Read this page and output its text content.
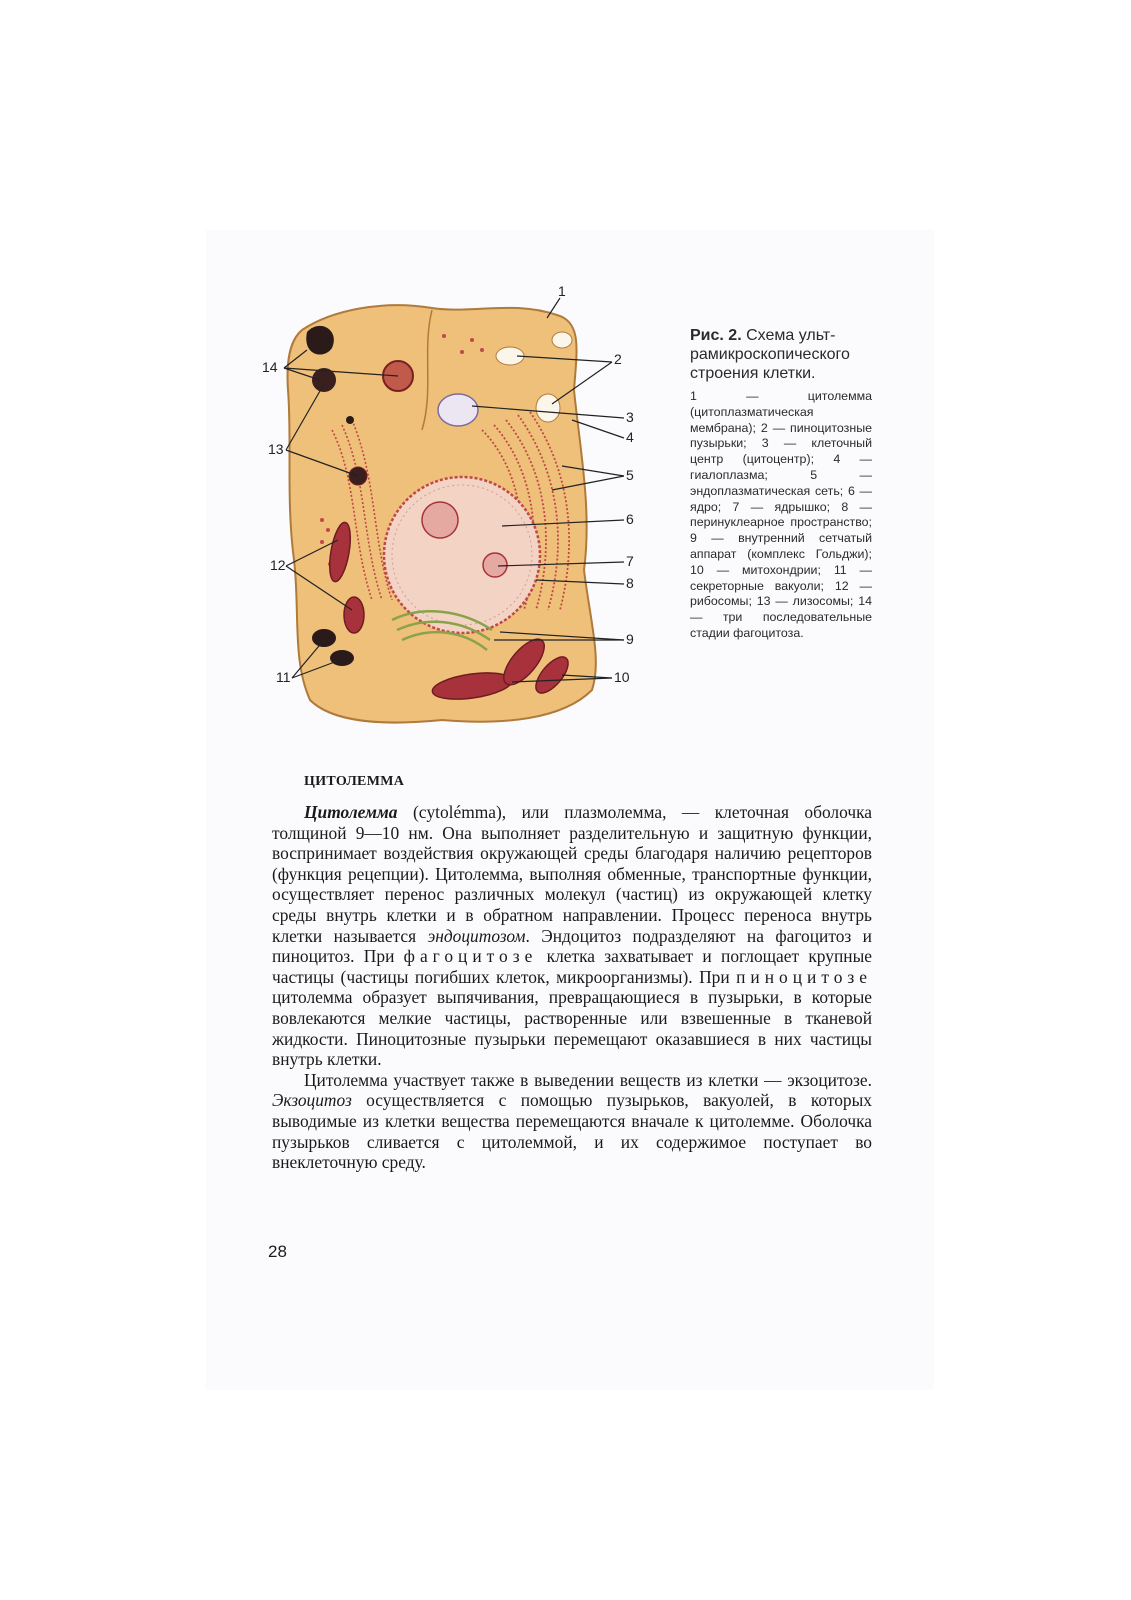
1
2
3
4
5
6
7
8
9
10
11
12
13
14

Рис. 2. Схема ульт-рамикроскопического строения клетки.

1 — цитолемма (цитоплазматическая мембрана); 2 — пиноцитозные пузырьки; 3 — клеточный центр (цитоцентр); 4 — гиалоплазма; 5 — эндоплазматическая сеть; 6 — ядро; 7 — ядрышко; 8 — перинуклеарное пространство; 9 — внутренний сетчатый аппарат (комплекс Гольджи); 10 — митохондрии; 11 — секреторные вакуоли; 12 — рибосомы; 13 — лизосомы; 14 — три последовательные стадии фагоцитоза.

ЦИТОЛЕММА

Цитолемма (cytolémma), или плазмолемма, — клеточная оболочка толщиной 9—10 нм. Она выполняет разделительную и защитную функции, воспринимает воздействия окружающей среды благодаря наличию рецепторов (функция рецепции). Цитолемма, выполняя обменные, транспортные функции, осуществляет перенос различных молекул (частиц) из окружающей клетку среды внутрь клетки и в обратном направлении. Процесс переноса внутрь клетки называется эндоцитозом. Эндоцитоз подразделяют на фагоцитоз и пиноцитоз. При фагоцитозе клетка захватывает и поглощает крупные частицы (частицы погибших клеток, микроорганизмы). При пиноцитозе цитолемма образует выпячивания, превращающиеся в пузырьки, в которые вовлекаются мелкие частицы, растворенные или взвешенные в тканевой жидкости. Пиноцитозные пузырьки перемещают оказавшиеся в них частицы внутрь клетки.

Цитолемма участвует также в выведении веществ из клетки — экзоцитозе. Экзоцитоз осуществляется с помощью пузырьков, вакуолей, в которых выводимые из клетки вещества перемещаются вначале к цитолемме. Оболочка пузырьков сливается с цитолеммой, и их содержимое поступает во внеклеточную среду.

28
